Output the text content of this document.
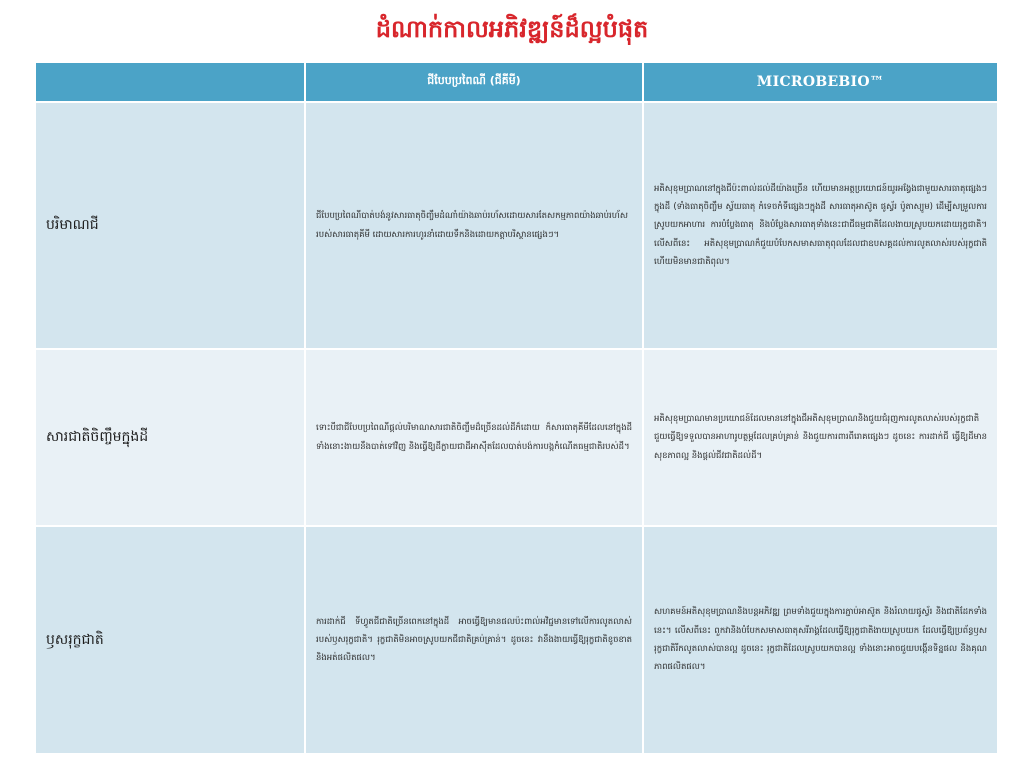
ដំណាក់កាលអភិវឌ្ឍន៍ដ៏ល្អបំផុត
	ជីបែបប្រពៃណី (ជីគីមី)	MICROBEBIO™
បរិមាណជី	ជីបែបប្រពៃណីបាត់បង់នូវសារធាតុចិញ្ចឹមដំណាំយ៉ាងឆាប់រហ័សដោយសារតែសកម្មភាពយ៉ាងឆាប់រហ័សរបស់សារធាតុគីមី ដោយសារការហូរនាំដោយទឹកនិងដោយកត្តាបរិស្ថានផ្សេងៗ។	អតិសុខុមប្រាណនៅក្នុងជីប៉ះពាល់ដល់ដីយ៉ាងច្រើន ហើយមានអត្ថប្រយោជន៍យូរអង្វែងជាមួយសារធាតុផ្សេងៗក្នុងដី (ទាំងធាតុចិញ្ចឹម ស្វ័យធាតុ កំទេចកំទីផ្សេងៗក្នុងដី សារធាតុអាស៊ូត ផូស្វ័រ ប៉ូតាស្យូម) ដើម្បីសម្រួលការស្រូបយកអាហារ ការបំប្លែងធាតុ និងបំប្លែងសារធាតុទាំងនេះជាជីធម្មជាតិដែលងាយស្រូបយកដោយរុក្ខជាតិ។ លើសពីនេះ អតិសុខុមប្រាណក៏ជួយបំបែកសមាសធាតុពុលដែលជាឧបសគ្គដល់ការលូតលាស់របស់រុក្ខជាតិ ហើយមិនមានជាតិពុល។
សារជាតិចិញ្ចឹមក្នុងដី	ទោះបីជាជីបែបប្រពៃណីផ្តល់បរិមាណសារជាតិចិញ្ចឹមដ៏ច្រើនដល់ដីក៏ដោយ ក៏សារធាតុគីមីដែលនៅក្នុងដីទាំងនោះងាយនឹងបាត់ទៅវិញ និងធ្វើឱ្យដីក្លាយជាដីអាស៊ីតដែលបាត់បង់ការបង្កកំណើតធម្មជាតិរបស់ដី។	អតិសុខុមប្រាណមានប្រយោជន៍ដែលមាននៅក្នុងជីអតិសុខុមប្រាណនិងជួយជំរុញការលូតលាស់របស់រុក្ខជាតិ ជួយធ្វើឱ្យទទួលបានអាហារូបត្ថម្ភដែលគ្រប់គ្រាន់ និងជួយការពារពីរោគផ្សេងៗ ដូចនេះ ការដាក់ជី ធ្វើឱ្យដីមានសុខភាពល្អ និងផ្តល់ជីវជាតិដល់ដី។
ឫសរុក្ខជាតិ	ការដាក់ជី ទីហ្វូតជីជាតិច្រើនពេកនៅក្នុងដី អាចធ្វើឱ្យមានផលប៉ះពាល់អវិជ្ជមានទៅលើការលូតលាស់របស់ឫសរុក្ខជាតិ។ រុក្ខជាតិមិនអាចស្រូបយកជីជាតិគ្រប់គ្រាន់។ ដូចនេះ វានឹងងាយធ្វើឱ្យរុក្ខជាតិខូចខាតនិងអត់ផលិតផល។	សហគមន៍អតិសុខុមប្រាណនិងបន្តអភិវឌ្ឍ ព្រមទាំងជួយក្នុងការភ្ជាប់អាស៊ូត និងរំលាយផូស្វ័រ និងជាតិដែកទាំងនេះ។ លើសពីនេះ ពួកវានិងបំបែកសមាសធាតុសរីរាង្គដែលធ្វើឱ្យរុក្ខជាតិងាយស្រូបយក ដែលធ្វើឱ្យប្រព័ន្ធឫសរុក្ខជាតិរីកលូតលាស់បានល្អ ដូចនេះ រុក្ខជាតិដែលស្រូបយកបានល្អ ទាំងនោះអាចជួយបង្កើនទិន្នផល និងគុណភាពផលិតផល។
